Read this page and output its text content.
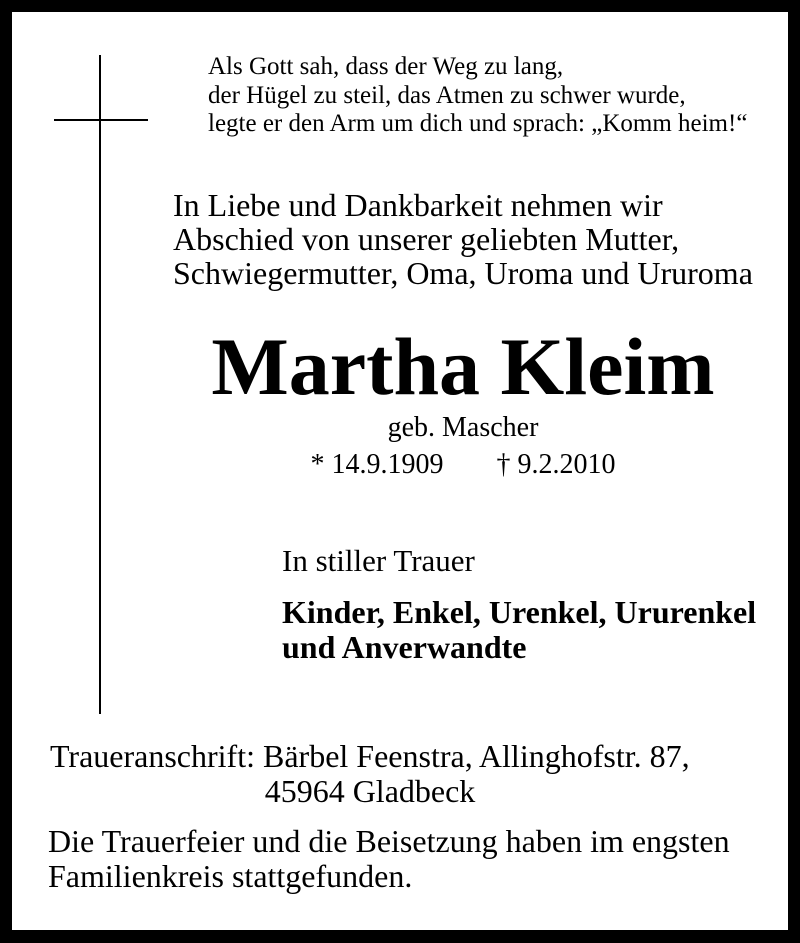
Als Gott sah, dass der Weg zu lang,
der Hügel zu steil, das Atmen zu schwer wurde,
legte er den Arm um dich und sprach: „Komm heim!“
In Liebe und Dankbarkeit nehmen wir
Abschied von unserer geliebten Mutter,
Schwiegermutter, Oma, Uroma und Ururoma
Martha Kleim
geb. Mascher
* 14.9.1909 † 9.2.2010
In stiller Trauer
Kinder, Enkel, Urenkel, Ururenkel
und Anverwandte
Traueranschrift: Bärbel Feenstra, Allinghofstr. 87,
45964 Gladbeck
Die Trauerfeier und die Beisetzung haben im engsten
Familienkreis stattgefunden.
